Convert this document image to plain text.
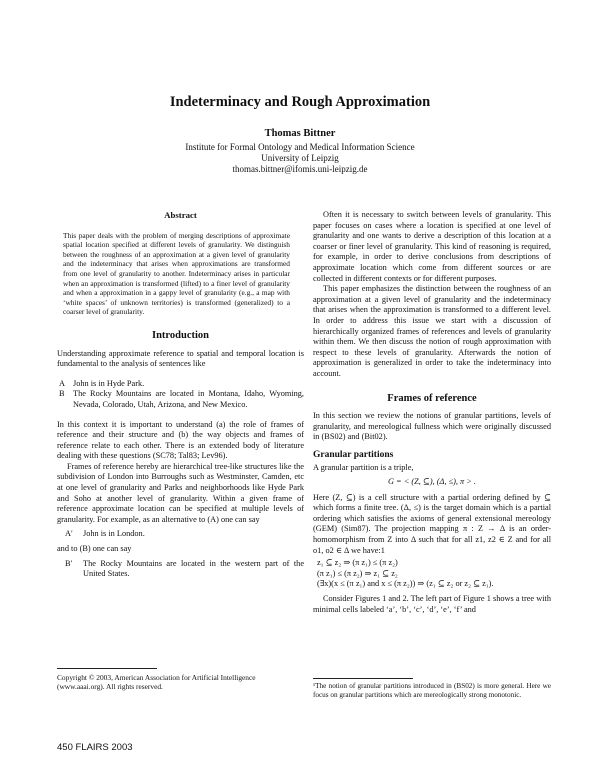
Indeterminacy and Rough Approximation
Thomas Bittner
Institute for Formal Ontology and Medical Information Science
University of Leipzig
thomas.bittner@ifomis.uni-leipzig.de
Abstract

This paper deals with the problem of merging descriptions of approximate spatial location specified at different levels of granularity. We distinguish between the roughness of an approximation at a given level of granularity and the indeterminacy that arises when approximations are transformed from one level of granularity to another. Indeterminacy arises in particular when an approximation is transformed (lifted) to a finer level of granularity and when a approximation in a gappy level of granularity (e.g., a map with ‘white spaces’ of unknown territories) is transformed (generalized) to a coarser level of granularity.

Introduction

Understanding approximate reference to spatial and temporal location is fundamental to the analysis of sentences like

A John is in Hyde Park.
B	The Rocky Mountains are located in Montana, Idaho, Wyoming, Nevada, Colorado, Utah, Arizona, and New Mexico.

In this context it is important to understand (a) the role of frames of reference and their structure and (b) the way objects and frames of reference relate to each other. There is an extended body of literature dealing with these questions (SC78; Tal83; Lev96).

Frames of reference hereby are hierarchical tree-like structures like the subdivision of London into Burroughs such as Westminster, Camden, etc at one level of granularity and Parks and neighborhoods like Hyde Park and Soho at another level of granularity. Within a given frame of reference approximate location can be specified at multiple levels of granularity. For example, as an alternative to (A) one can say

A′	John is in London.

and to (B) one can say

B′	The Rocky Mountains are located in the western part of the United States.

Often it is necessary to switch between levels of granularity. This paper focuses on cases where a location is specified at one level of granularity and one wants to derive a description of this location at a coarser or finer level of granularity. This kind of reasoning is required, for example, in order to derive conclusions from descriptions of approximate location which come from different sources or are collected in different contexts or for different purposes.

This paper emphasizes the distinction between the roughness of an approximation at a given level of granularity and the indeterminacy that arises when the approximation is transformed to a different level. In order to address this issue we start with a discussion of hierarchically organized frames of references and levels of granularity within them. We then discuss the notion of rough approximation with respect to these levels of granularity. Afterwards the notion of approximation is generalized in order to take the indeterminacy into account.

Frames of reference

In this section we review the notions of granular partitions, levels of granularity, and mereological fullness which were originally discussed in (BS02) and (Bit02).

Granular partitions

A granular partition is a triple,

G = < (Z, ⊆), (Δ, ≤), π > .

Here (Z, ⊆) is a cell structure with a partial ordering defined by ⊆ which forms a finite tree. (Δ, ≤) is the target domain which is a partial ordering which satisfies the axioms of general extensional mereology (GEM) (Sim87). The projection mapping π : Z → Δ is an order-homomorphism from Z into Δ such that for all z1, z2 ∈ Z and for all o1, o2 ∈ Δ we have:1

z₁ ⊆ z₂ ⇒ (π z₁) ≤ (π z₂)
(π z₁) ≤ (π z₂) ⇒ z₁ ⊆ z₂
(∃x)(x ≤ (π z₁) and x ≤ (π z₂)) ⇒ (z₁ ⊆ z₂ or z₂ ⊆ z₁).

Consider Figures 1 and 2. The left part of Figure 1 shows a tree with minimal cells labeled ‘a’, ‘b’, ‘c’, ‘d’, ‘e’, ‘f’ and

Copyright © 2003, American Association for Artificial Intelligence (www.aaai.org). All rights reserved.	¹The notion of granular partitions introduced in (BS02) is more general. Here we focus on granular partitions which are mereologically strong monotonic.
450 FLAIRS 2003
